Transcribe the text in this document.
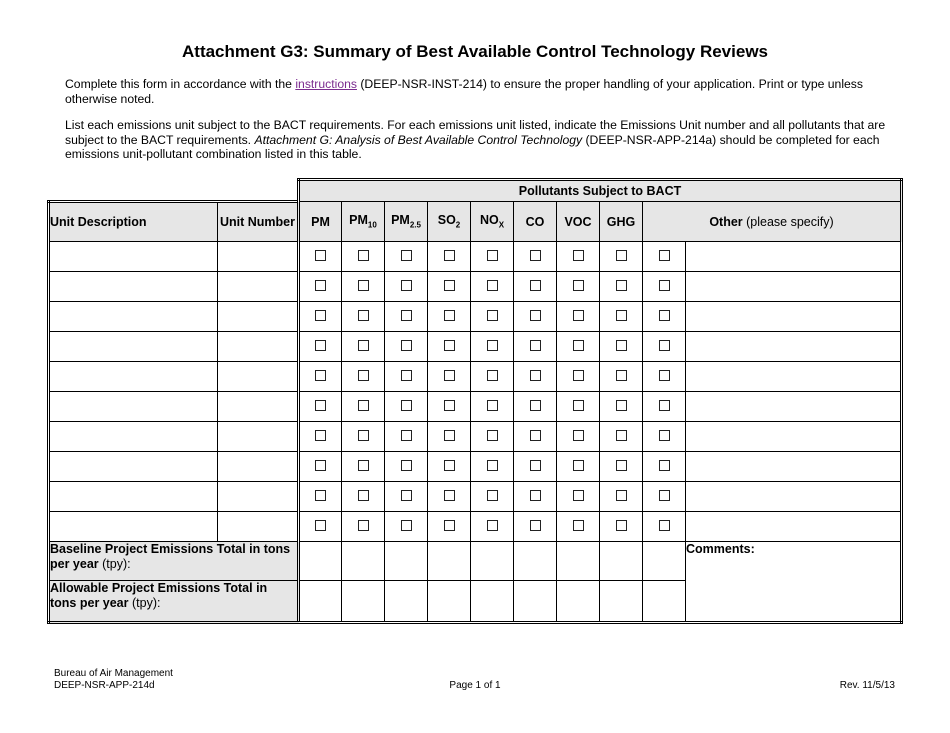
Attachment G3: Summary of Best Available Control Technology Reviews
Complete this form in accordance with the instructions (DEEP-NSR-INST-214) to ensure the proper handling of your application. Print or type unless otherwise noted.
List each emissions unit subject to the BACT requirements. For each emissions unit listed, indicate the Emissions Unit number and all pollutants that are subject to the BACT requirements. Attachment G: Analysis of Best Available Control Technology (DEEP-NSR-APP-214a) should be completed for each emissions unit-pollutant combination listed in this table.
		Pollutants Subject to BACT									
Unit Description	Unit Number	PM	$PM_{10}$	$PM_{2.5}$	$SO_2$	$NO_X$	CO	VOC	GHG	Other (please specify)	

Baseline Project Emissions Total in tons per year (tpy):											Comments:
Allowable Project Emissions Total in tons per year (tpy):											
Bureau of Air Management
DEEP-NSR-APP-214d	Page 1 of 1	Rev. 11/5/13
